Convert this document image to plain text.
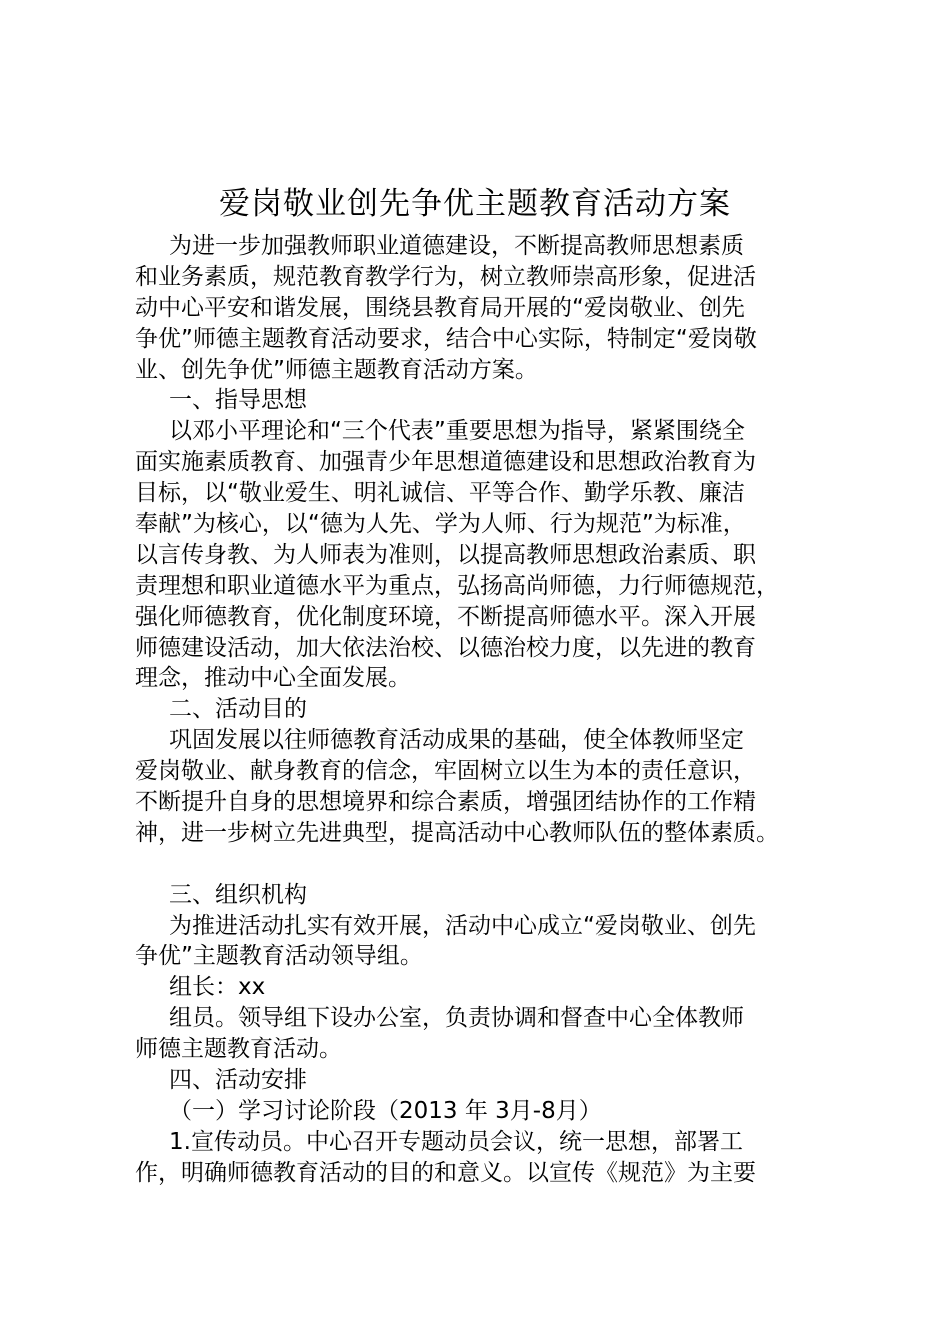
爱岗敬业创先争优主题教育活动方案
为进一步加强教师职业道德建设，不断提高教师思想素质
和业务素质，规范教育教学行为，树立教师崇高形象，促进活
动中心平安和谐发展，围绕县教育局开展的“爱岗敬业、创先
争优”师德主题教育活动要求，结合中心实际，特制定“爱岗敬
业、创先争优”师德主题教育活动方案。
一、指导思想
以邓小平理论和“三个代表”重要思想为指导，紧紧围绕全
面实施素质教育、加强青少年思想道德建设和思想政治教育为
目标，以“敬业爱生、明礼诚信、平等合作、勤学乐教、廉洁
奉献”为核心，以“德为人先、学为人师、行为规范”为标准，
以言传身教、为人师表为准则，以提高教师思想政治素质、职
责理想和职业道德水平为重点，弘扬高尚师德，力行师德规范，
强化师德教育，优化制度环境，不断提高师德水平。深入开展
师德建设活动，加大依法治校、以德治校力度，以先进的教育
理念，推动中心全面发展。
二、活动目的
巩固发展以往师德教育活动成果的基础，使全体教师坚定
爱岗敬业、献身教育的信念，牢固树立以生为本的责任意识，
不断提升自身的思想境界和综合素质，增强团结协作的工作精
神，进一步树立先进典型，提高活动中心教师队伍的整体素质。
三、组织机构
为推进活动扎实有效开展，活动中心成立“爱岗敬业、创先
争优”主题教育活动领导组。
组长：xx
组员。领导组下设办公室，负责协调和督查中心全体教师
师德主题教育活动。
四、活动安排
（一）学习讨论阶段（2013 年 3月-8月）
1.宣传动员。中心召开专题动员会议，统一思想，部署工
作，明确师德教育活动的目的和意义。以宣传《规范》为主要
